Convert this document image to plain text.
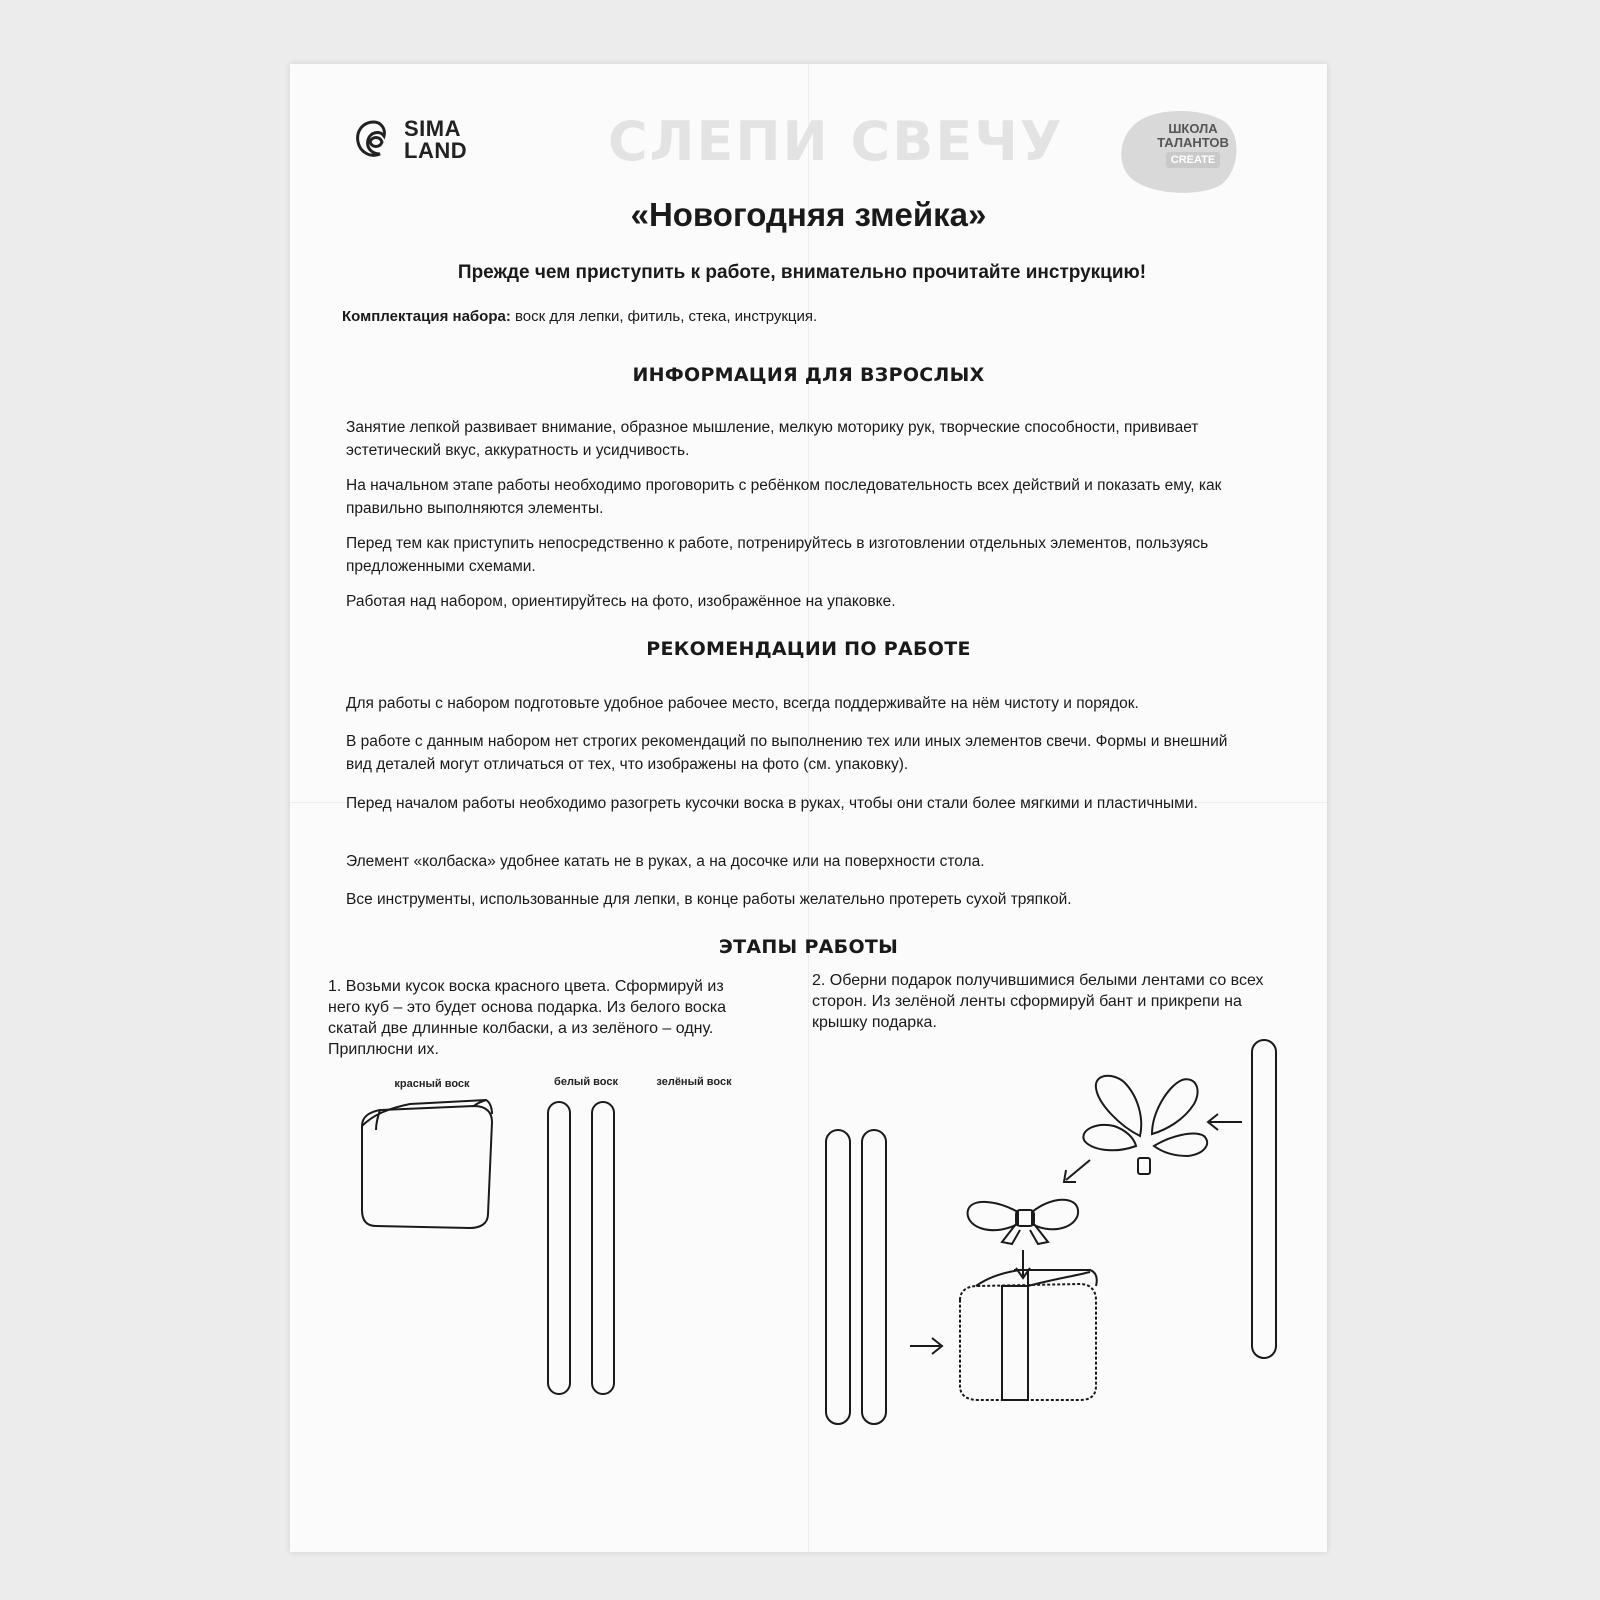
SIMA
LAND	СЛЕПИ СВЕЧУ	ШКОЛА
ТАЛАНТОВ
CREATE
«Новогодняя змейка»
Прежде чем приступить к работе, внимательно прочитайте инструкцию!
Комплектация набора: воск для лепки, фитиль, стека, инструкция.
ИНФОРМАЦИЯ ДЛЯ ВЗРОСЛЫХ
Занятие лепкой развивает внимание, образное мышление, мелкую моторику рук, творческие способности, прививает эстетический вкус, аккуратность и усидчивость.
На начальном этапе работы необходимо проговорить с ребёнком последовательность всех действий и показать ему, как правильно выполняются элементы.
Перед тем как приступить непосредственно к работе, потренируйтесь в изготовлении отдельных элементов, пользуясь предложенными схемами.
Работая над набором, ориентируйтесь на фото, изображённое на упаковке.
РЕКОМЕНДАЦИИ ПО РАБОТЕ
Для работы с набором подготовьте удобное рабочее место, всегда поддерживайте на нём чистоту и порядок.
В работе с данным набором нет строгих рекомендаций по выполнению тех или иных элементов свечи. Формы и внешний вид деталей могут отличаться от тех, что изображены на фото (см. упаковку).
Перед началом работы необходимо разогреть кусочки воска в руках, чтобы они стали более мягкими и пластичными.
Элемент «колбаска» удобнее катать не в руках, а на досочке или на поверхности стола.
Все инструменты, использованные для лепки, в конце работы желательно протереть сухой тряпкой.
ЭТАПЫ РАБОТЫ
1. Возьми кусок воска красного цвета. Сформируй из него куб – это будет основа подарка. Из белого воска скатай две длинные колбаски, а из зелёного – одну. Приплюсни их.
2. Оберни подарок получившимися белыми лентами со всех сторон. Из зелёной ленты сформируй бант и прикрепи на крышку подарка.
красный воск	белый воск	зелёный воск
